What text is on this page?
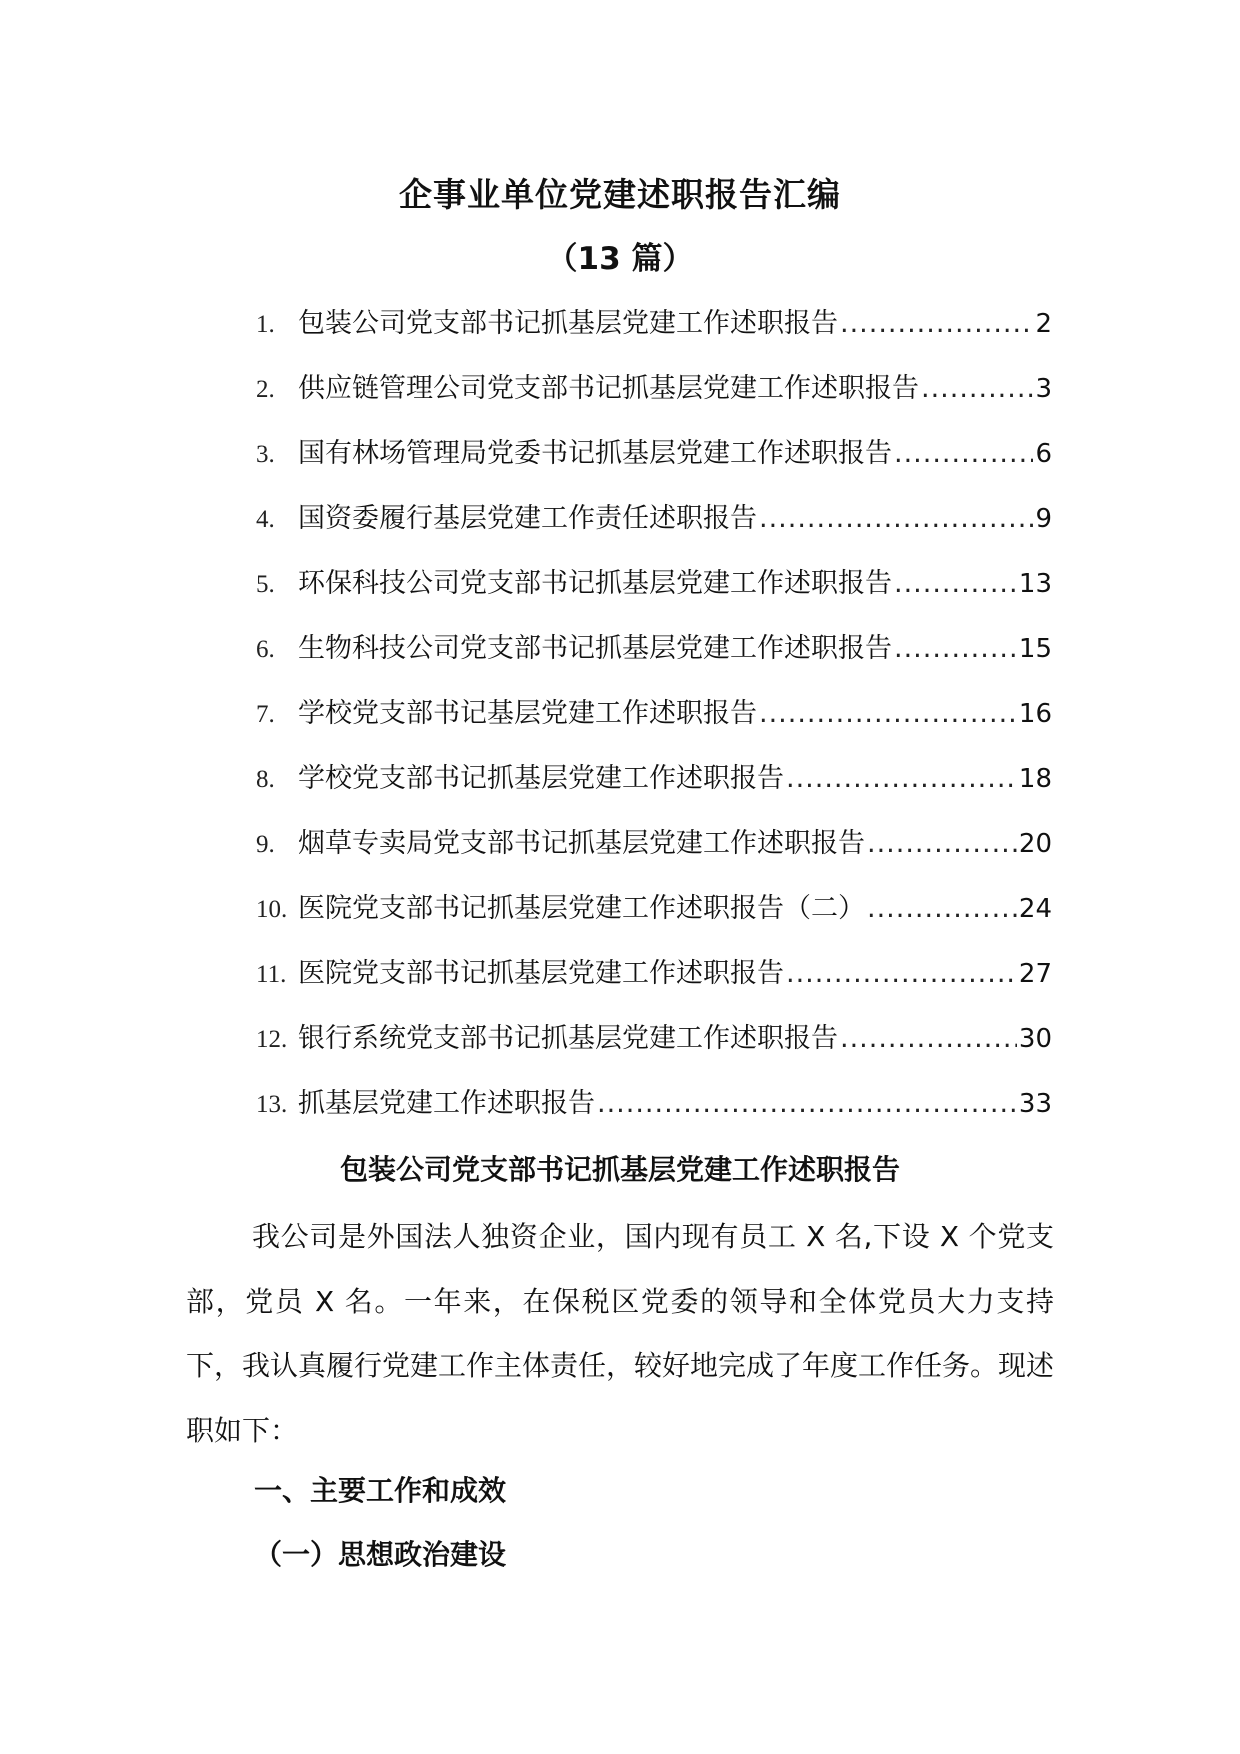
企事业单位党建述职报告汇编
（13 篇）
1. 包装公司党支部书记抓基层党建工作述职报告 .....	2
2. 供应链管理公司党支部书记抓基层党建工作述职报告 .....	3
3. 国有林场管理局党委书记抓基层党建工作述职报告 .....	6
4. 国资委履行基层党建工作责任述职报告 .....	9
5. 环保科技公司党支部书记抓基层党建工作述职报告 .....	13
6. 生物科技公司党支部书记抓基层党建工作述职报告 .....	15
7. 学校党支部书记基层党建工作述职报告 .....	16
8. 学校党支部书记抓基层党建工作述职报告 .....	18
9. 烟草专卖局党支部书记抓基层党建工作述职报告 .....	20
10. 医院党支部书记抓基层党建工作述职报告（二） .....	24
11. 医院党支部书记抓基层党建工作述职报告 .....	27
12. 银行系统党支部书记抓基层党建工作述职报告 .....	30
13. 抓基层党建工作述职报告 .....	33
包装公司党支部书记抓基层党建工作述职报告

我公司是外国法人独资企业，国内现有员工 X 名,下设 X 个党支部，党员 X 名。一年来，在保税区党委的领导和全体党员大力支持下，我认真履行党建工作主体责任，较好地完成了年度工作任务。现述职如下：

一、主要工作和成效
（一）思想政治建设
